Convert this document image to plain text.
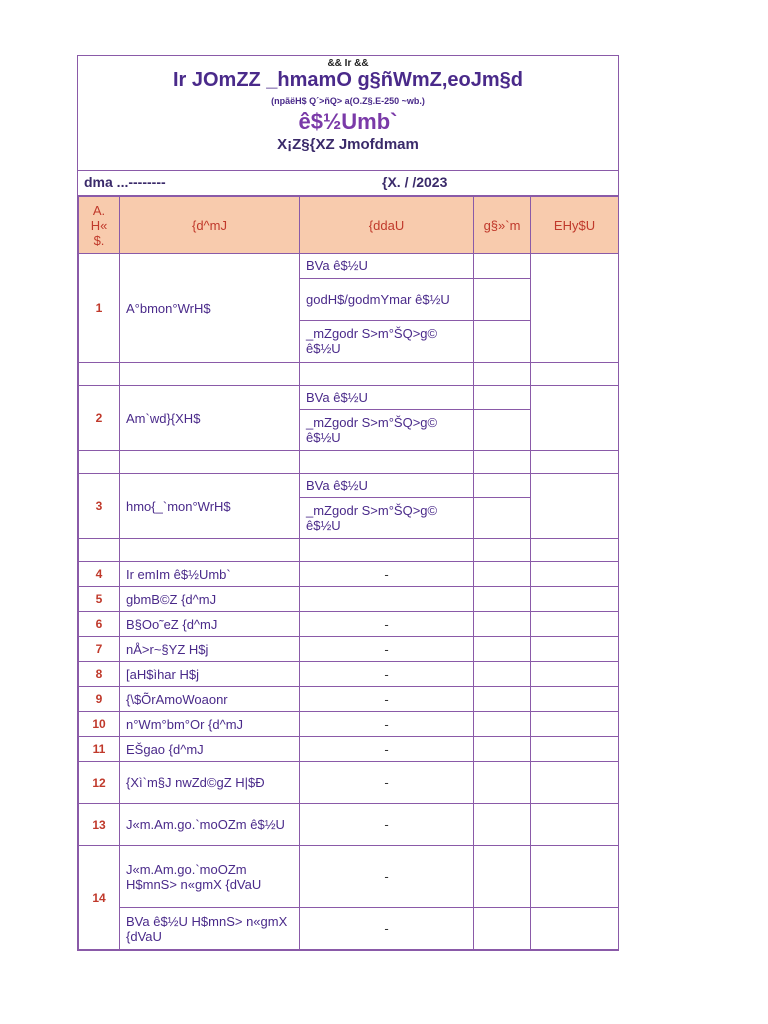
&& Ir &&
Ir JOmZZ _hmamO g§ñWmZ,eoJm§d
(npãëH$ Q´>ñQ> a(O.Z§.E-250 ~wb.)
ê$½Umb`
X¡Z§{XZ Jmofdmam
dma ...--------	{X. / /2023
A. H« $.	{d^mJ	{ddaU	g§»`m	EHy$U
1	A°bmon°WrH$	BVa ê$½U		
		godH$/godmYmar ê$½U		
		_mZgodr S>m°ŠQ>g© ê$½U		

2	Am`wd}{XH$	BVa ê$½U		
		_mZgodr S>m°ŠQ>g© ê$½U		

3	hmo{_`mon°WrH$	BVa ê$½U		
		_mZgodr S>m°ŠQ>g© ê$½U		

4	Ir emIm ê$½Umb`	-		
5	gbmB©Z {d^mJ			
6	B§Oo˜eZ {d^mJ	-		
7	nÅ>r~§YZ H$j	-		
8	[aH$ìhar H$j	-		
9	{\$ÕrAmoWoaonr	-		
10	n°Wm°bm°Or {d^mJ	-		
11	EŠgao {d^mJ	-		
12	{Xì`m§J nwZd©gZ H|$Ð	-		
13	J«m.Am.go.`moOZm ê$½U	-		
14	J«m.Am.go.`moOZm H$mnS> n«gmX {dVaU	-		
	BVa ê$½U H$mnS> n«gmX {dVaU	-		
